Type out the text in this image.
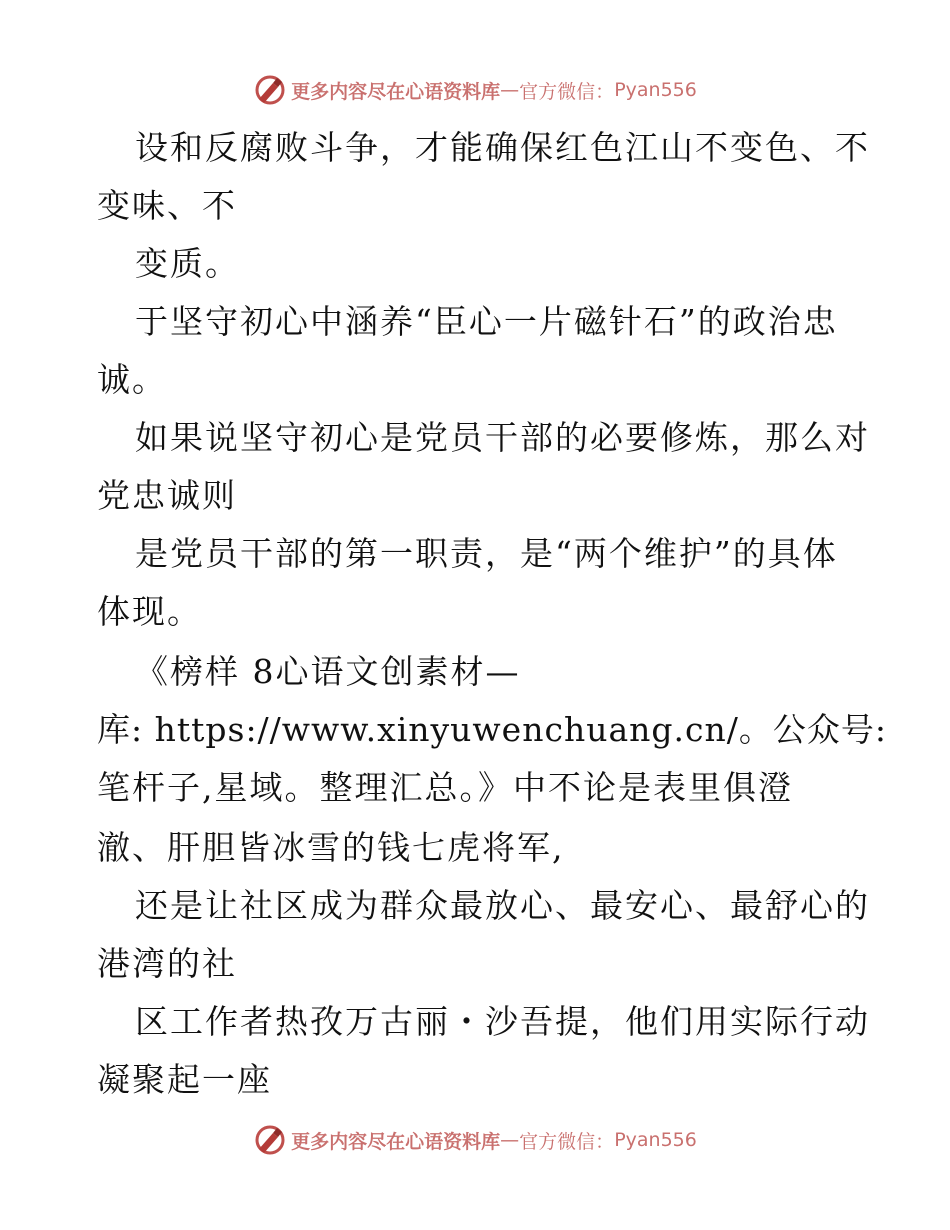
更多内容尽在心语资料库 — 官方微信： Pyan556
设和反腐败斗争，才能确保红色江山不变色、不
变味、不
变质。
于坚守初心中涵养“臣心一片磁针石”的政治忠
诚。
如果说坚守初心是党员干部的必要修炼，那么对
党忠诚则
是党员干部的第一职责，是“两个维护”的具体
体现。
《榜样 8心语文创素材—
库: https://www.xinyuwenchuang.cn/。公众号:
笔杆子,星域。整理汇总。》中不论是表里俱澄
澈、肝胆皆冰雪的钱七虎将军,
还是让社区成为群众最放心、最安心、最舒心的
港湾的社
区工作者热孜万古丽・沙吾提，他们用实际行动
凝聚起一座
更多内容尽在心语资料库 — 官方微信： Pyan556
